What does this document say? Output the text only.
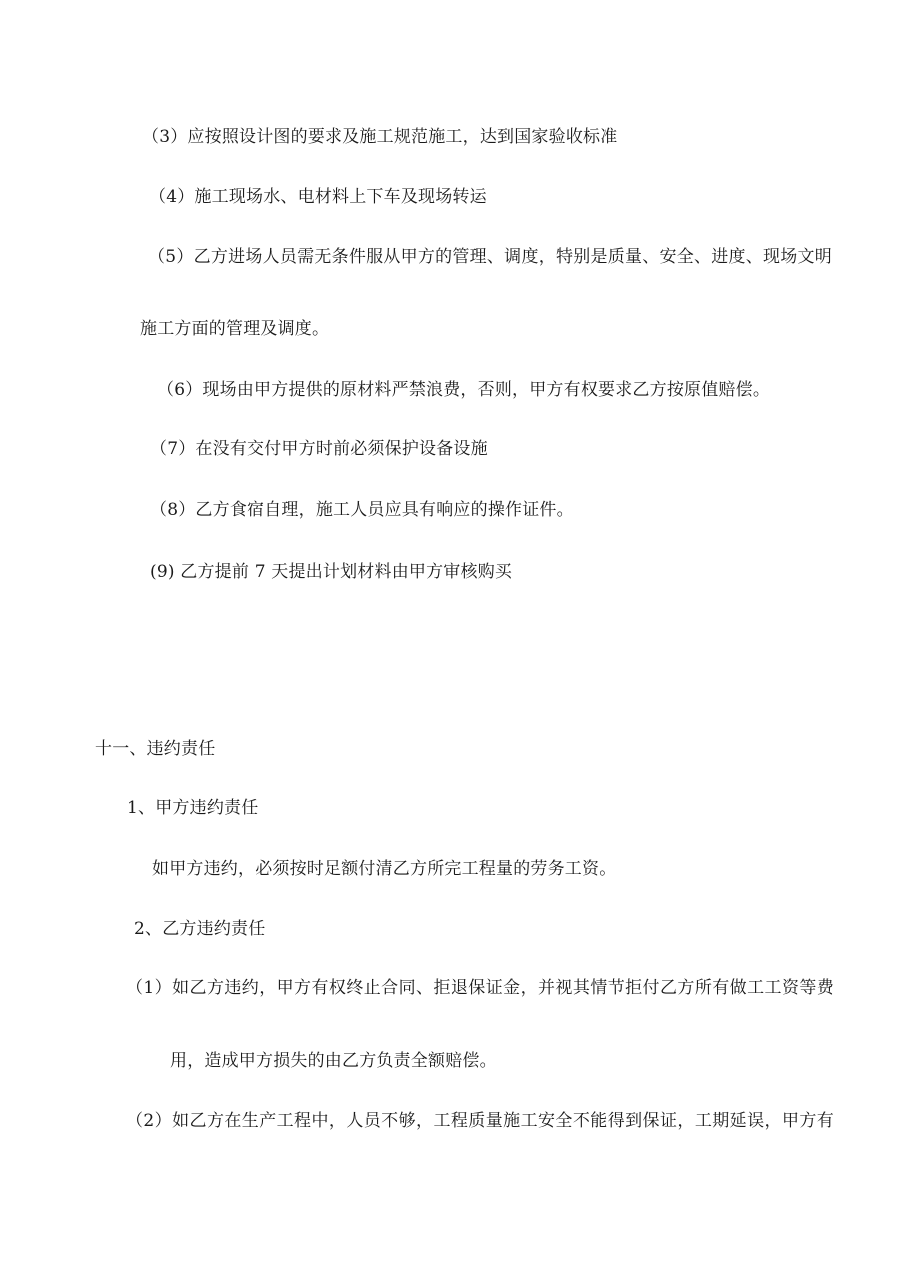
（3）应按照设计图的要求及施工规范施工，达到国家验收标准
（4）施工现场水、电材料上下车及现场转运
（5）乙方进场人员需无条件服从甲方的管理、调度，特别是质量、安全、进度、现场文明
施工方面的管理及调度。
（6）现场由甲方提供的原材料严禁浪费，否则，甲方有权要求乙方按原值赔偿。
（7）在没有交付甲方时前必须保护设备设施
（8）乙方食宿自理，施工人员应具有响应的操作证件。
(9) 乙方提前 7 天提出计划材料由甲方审核购买
十一、违约责任
1、甲方违约责任
如甲方违约，必须按时足额付清乙方所完工程量的劳务工资。
2、乙方违约责任
（1）如乙方违约，甲方有权终止合同、拒退保证金，并视其情节拒付乙方所有做工工资等费
用，造成甲方损失的由乙方负责全额赔偿。
（2）如乙方在生产工程中，人员不够，工程质量施工安全不能得到保证，工期延误，甲方有
